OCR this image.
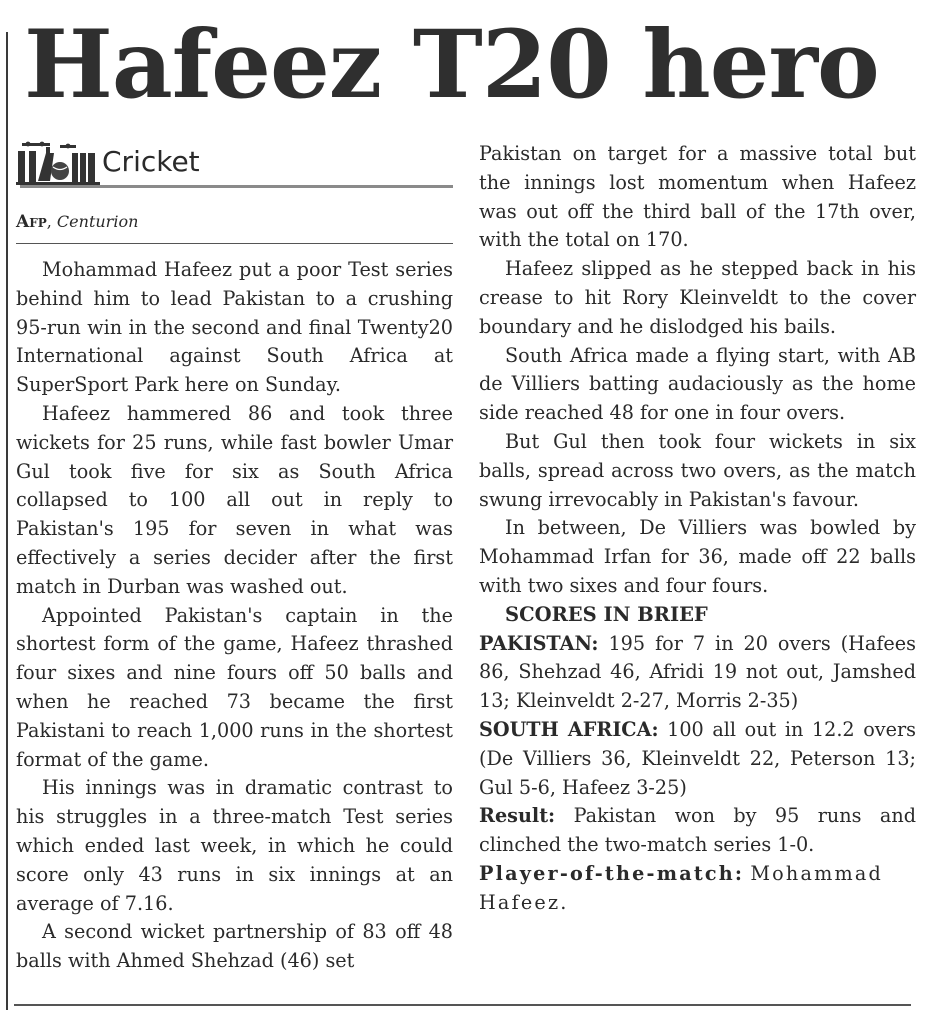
Hafeez T20 hero
Cricket
Afp, Centurion

Mohammad Hafeez put a poor Test series behind him to lead Pakistan to a crushing 95-run win in the second and final Twenty20 International against South Africa at SuperSport Park here on Sunday.

Hafeez hammered 86 and took three wickets for 25 runs, while fast bowler Umar Gul took five for six as South Africa collapsed to 100 all out in reply to Pakistan's 195 for seven in what was effectively a series decider after the first match in Durban was washed out.

Appointed Pakistan's captain in the shortest form of the game, Hafeez thrashed four sixes and nine fours off 50 balls and when he reached 73 became the first Pakistani to reach 1,000 runs in the shortest format of the game.

His innings was in dramatic contrast to his struggles in a three-match Test series which ended last week, in which he could score only 43 runs in six innings at an average of 7.16.

A second wicket partnership of 83 off 48 balls with Ahmed Shehzad (46) set

Pakistan on target for a massive total but the innings lost momentum when Hafeez was out off the third ball of the 17th over, with the total on 170.

Hafeez slipped as he stepped back in his crease to hit Rory Kleinveldt to the cover boundary and he dislodged his bails.

South Africa made a flying start, with AB de Villiers batting audaciously as the home side reached 48 for one in four overs.

But Gul then took four wickets in six balls, spread across two overs, as the match swung irrevocably in Pakistan's favour.

In between, De Villiers was bowled by Mohammad Irfan for 36, made off 22 balls with two sixes and four fours.

SCORES IN BRIEF

PAKISTAN: 195 for 7 in 20 overs (Hafees 86, Shehzad 46, Afridi 19 not out, Jamshed 13; Kleinveldt 2-27, Morris 2-35)

SOUTH AFRICA: 100 all out in 12.2 overs (De Villiers 36, Kleinveldt 22, Peterson 13; Gul 5-6, Hafeez 3-25)

Result: Pakistan won by 95 runs and clinched the two-match series 1-0.

Player-of-the-match: Mohammad Hafeez.
